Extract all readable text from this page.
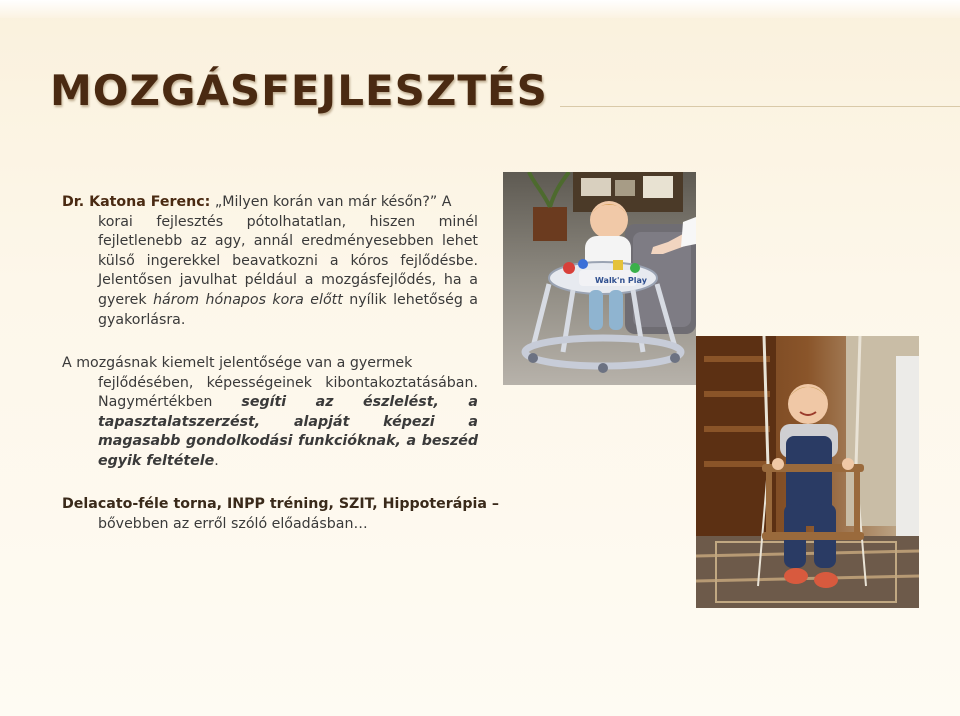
MOZGÁSFEJLESZTÉS
Dr. Katona Ferenc: „Milyen korán van már későn?” A
korai fejlesztés pótolhatatlan, hiszen minél fejletlenebb az agy, annál eredményesebben lehet külső ingerekkel beavatkozni a kóros fejlődésbe. Jelentősen javulhat például a mozgásfejlődés, ha a gyerek három hónapos kora előtt nyílik lehetőség a gyakorlásra.
A mozgásnak kiemelt jelentősége van a gyermek
fejlődésében, képességeinek kibontakoztatásában. Nagymértékben segíti az észlelést, a tapasztalatszerzést, alapját képezi a magasabb gondolkodási funkcióknak, a beszéd egyik feltétele.
Delacato-féle torna, INPP tréning, SZIT, Hippoterápia –
bővebben az erről szóló előadásban…
Walk'n Play
